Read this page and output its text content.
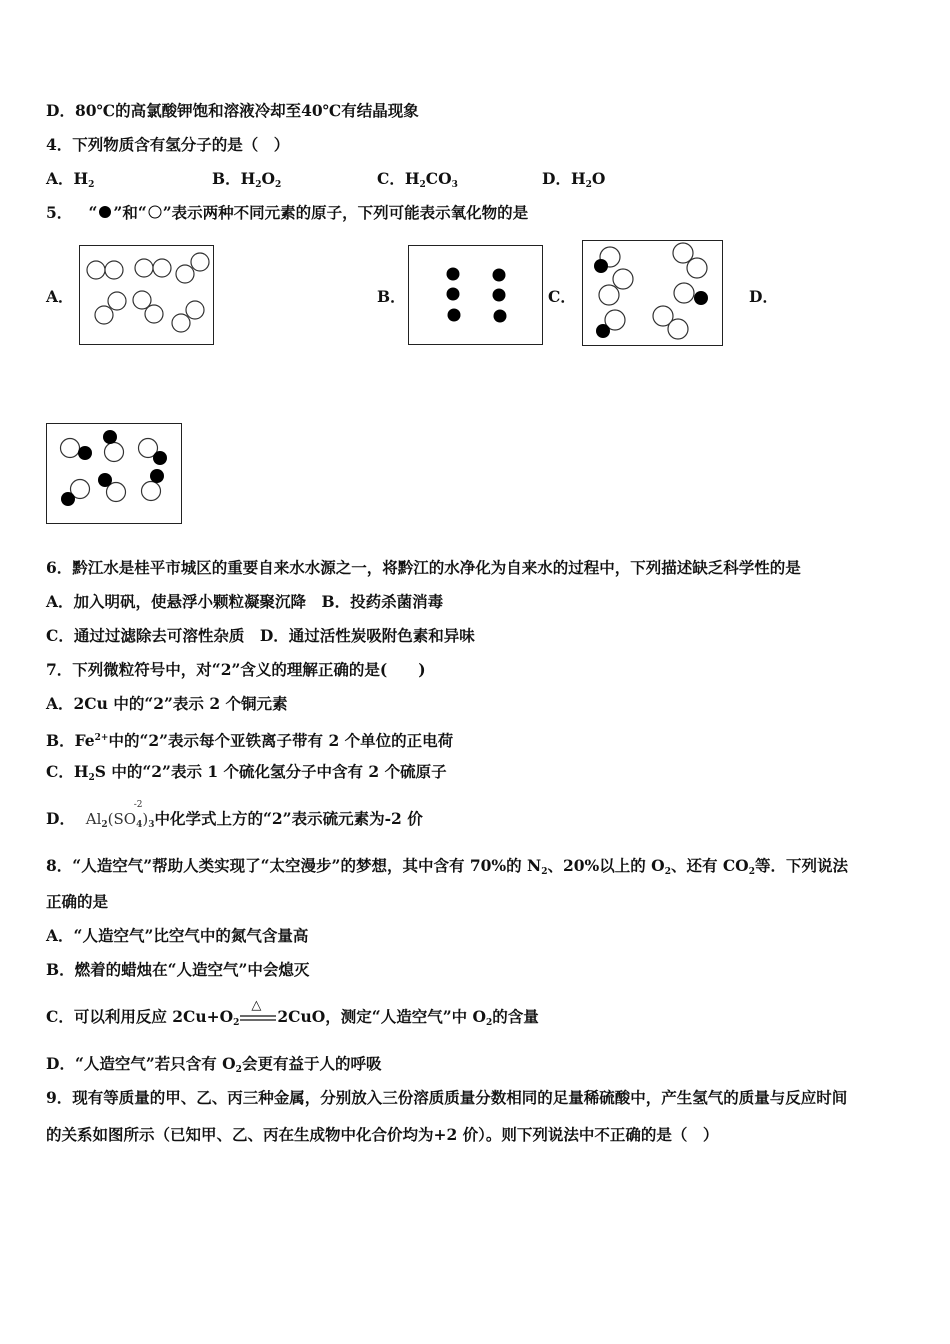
D．80℃的高氯酸钾饱和溶液冷却至40℃有结晶现象
4．下列物质含有氢分子的是（　）
A．$H_2$	B．$H_2O_2$	C．$H_2CO_3$	D．$H_2O$
5． “ ”和“ ”表示两种不同元素的原子，下列可能表示氧化物的是
A．	B．	C．	D．
6．黔江水是桂平市城区的重要自来水水源之一，将黔江的水净化为自来水的过程中，下列描述缺乏科学性的是
A．加入明矾，使悬浮小颗粒凝聚沉降　B．投药杀菌消毒
C．通过过滤除去可溶性杂质　D．通过活性炭吸附色素和异味
7．下列微粒符号中，对“2”含义的理解正确的是(　　)
A．2Cu 中的“2”表示 2 个铜元素
B．$Fe^{2+}$中的“2”表示每个亚铁离子带有 2 个单位的正电荷
C．$H_2S$ 中的“2”表示 1 个硫化氢分子中含有 2 个硫原子
D．
-2
$Al_2(SO_4)_3$中化学式上方的“2”表示硫元素为-2 价
8．“人造空气”帮助人类实现了“太空漫步”的梦想，其中含有 70%的 $N_2$、20%以上的 $O_2$、还有 $CO_2$等．下列说法
正确的是
A．“人造空气”比空气中的氮气含量高
B．燃着的蜡烛在“人造空气”中会熄灭
C．可以利用反应 $2Cu+O_2$
△
2CuO，测定“人造空气”中 $O_2$的含量
D．“人造空气”若只含有 $O_2$会更有益于人的呼吸
9．现有等质量的甲、乙、丙三种金属，分别放入三份溶质质量分数相同的足量稀硫酸中，产生氢气的质量与反应时间
的关系如图所示（已知甲、乙、丙在生成物中化合价均为+2 价）。则下列说法中不正确的是（　）
